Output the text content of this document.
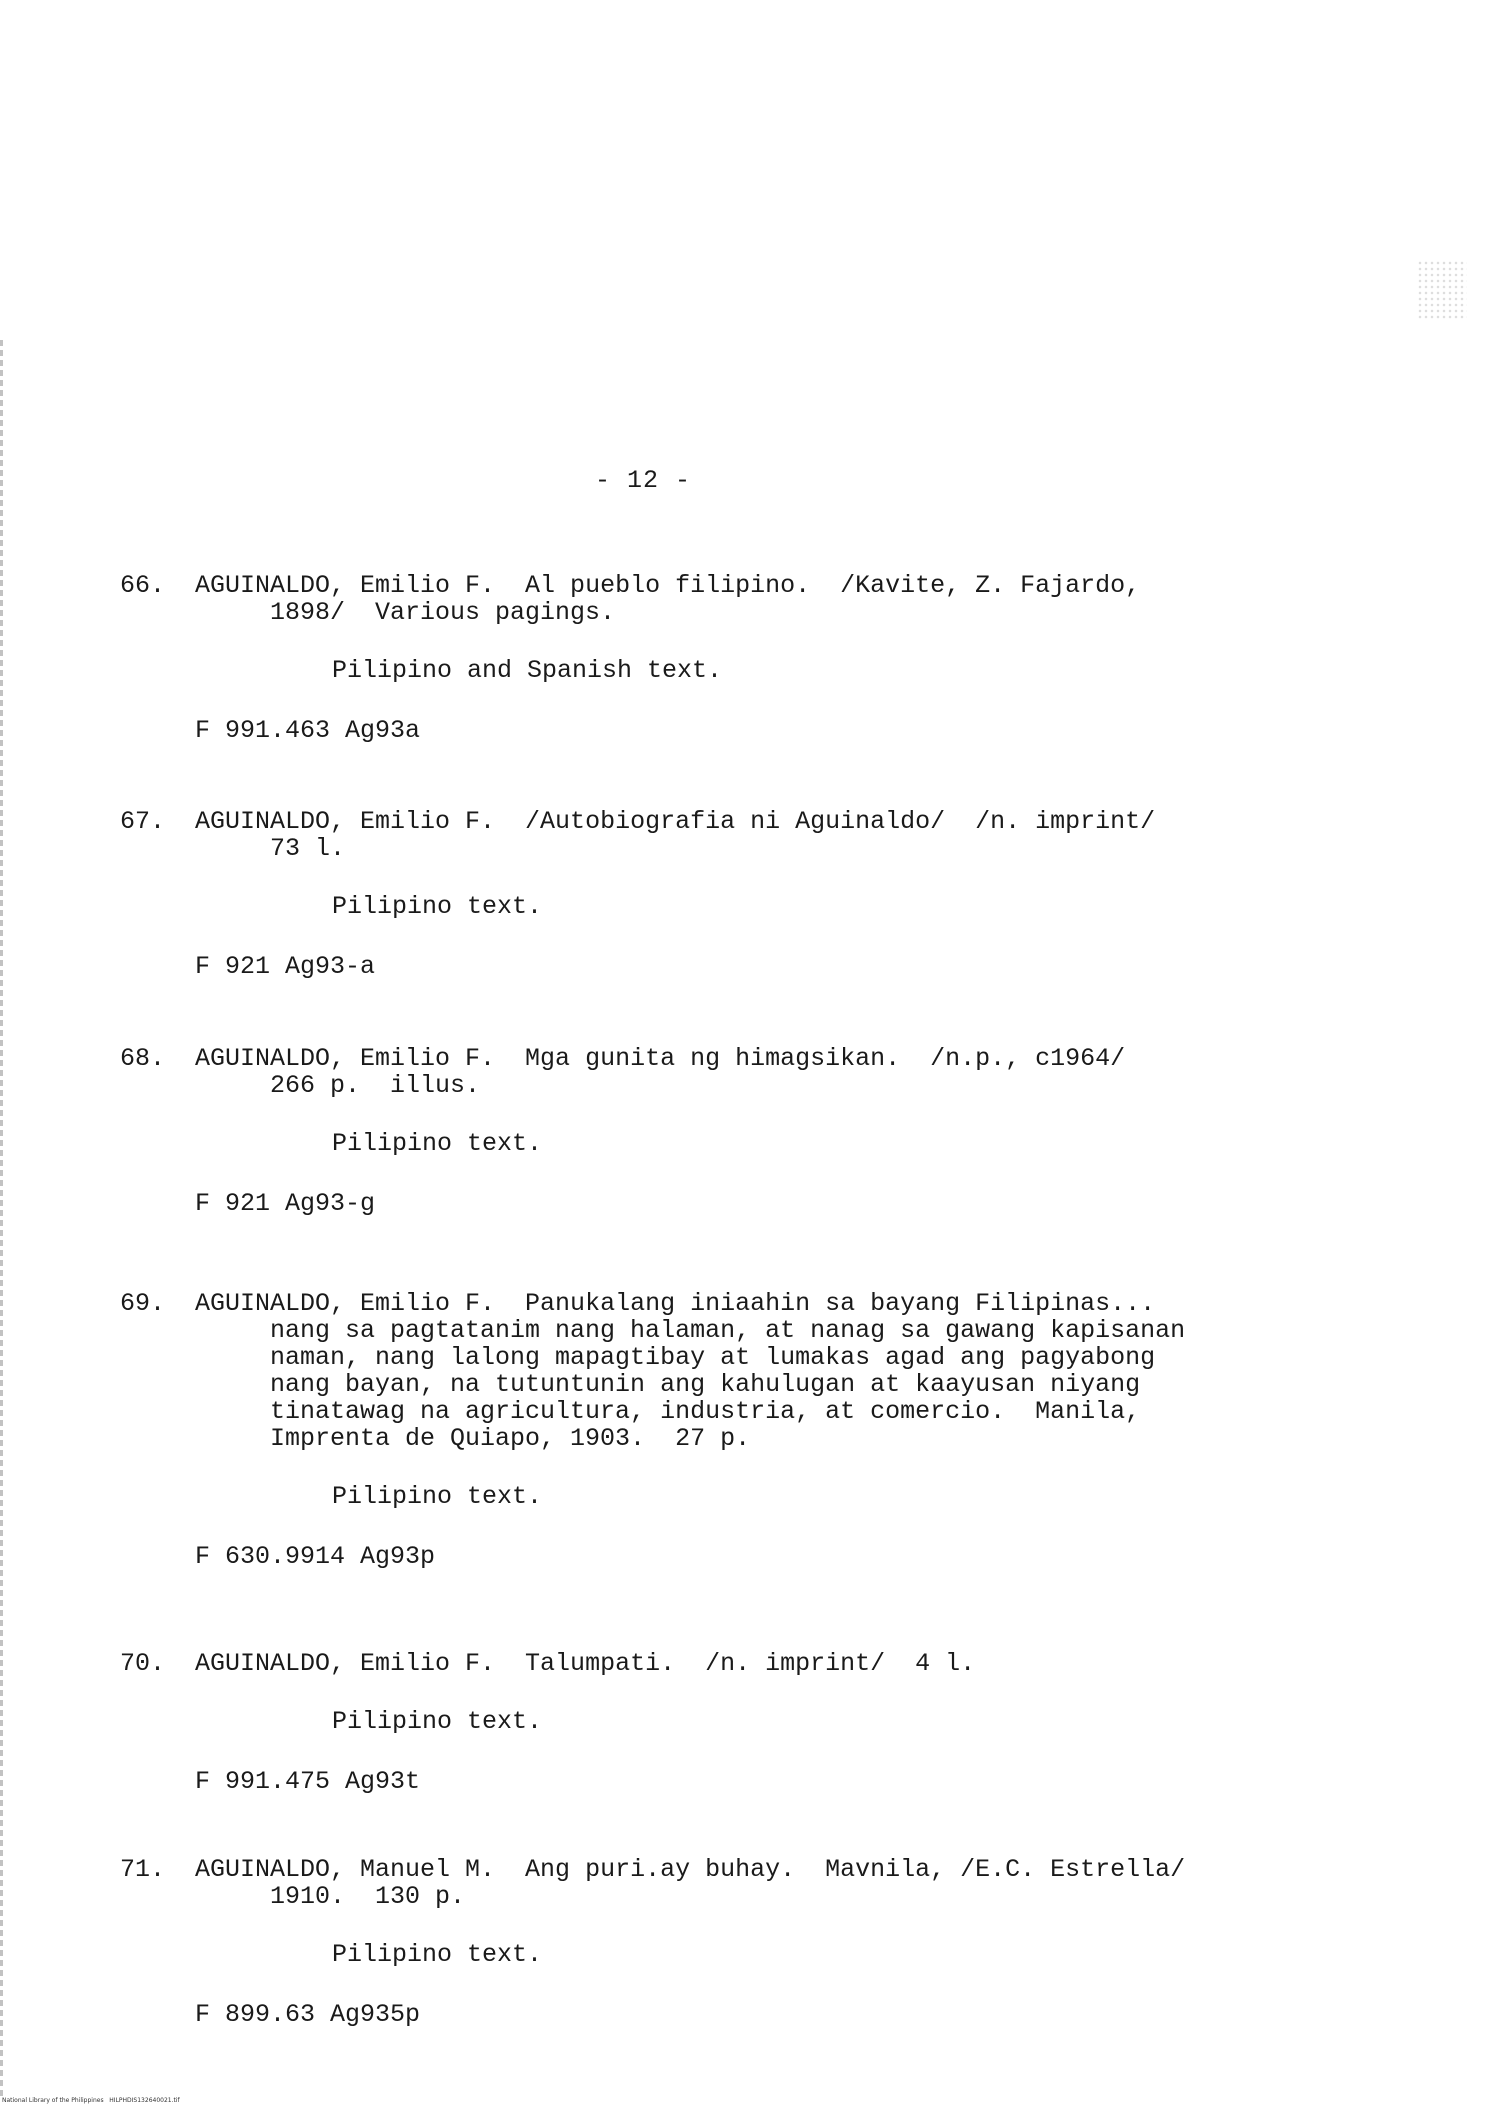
- 12 -
66. AGUINALDO, Emilio F.  Al pueblo filipino.  /Kavite, Z. Fajardo,
1898/  Various pagings.
Pilipino and Spanish text.
F 991.463 Ag93a
67. AGUINALDO, Emilio F.  /Autobiografia ni Aguinaldo/  /n. imprint/
73 l.
Pilipino text.
F 921 Ag93-a
68. AGUINALDO, Emilio F.  Mga gunita ng himagsikan.  /n.p., c1964/
266 p.  illus.
Pilipino text.
F 921 Ag93-g
69. AGUINALDO, Emilio F.  Panukalang iniaahin sa bayang Filipinas...
nang sa pagtatanim nang halaman, at nanag sa gawang kapisanan
naman, nang lalong mapagtibay at lumakas agad ang pagyabong
nang bayan, na tutuntunin ang kahulugan at kaayusan niyang
tinatawag na agricultura, industria, at comercio.  Manila,
Imprenta de Quiapo, 1903.  27 p.
Pilipino text.
F 630.9914 Ag93p
70. AGUINALDO, Emilio F.  Talumpati.  /n. imprint/  4 l.
Pilipino text.
F 991.475 Ag93t
71. AGUINALDO, Manuel M.  Ang puri.ay buhay.  Mavnila, /E.C. Estrella/
1910.  130 p.
Pilipino text.
F 899.63 Ag935p
National Library of the Philippines   HILPHDIS132640021.tif
